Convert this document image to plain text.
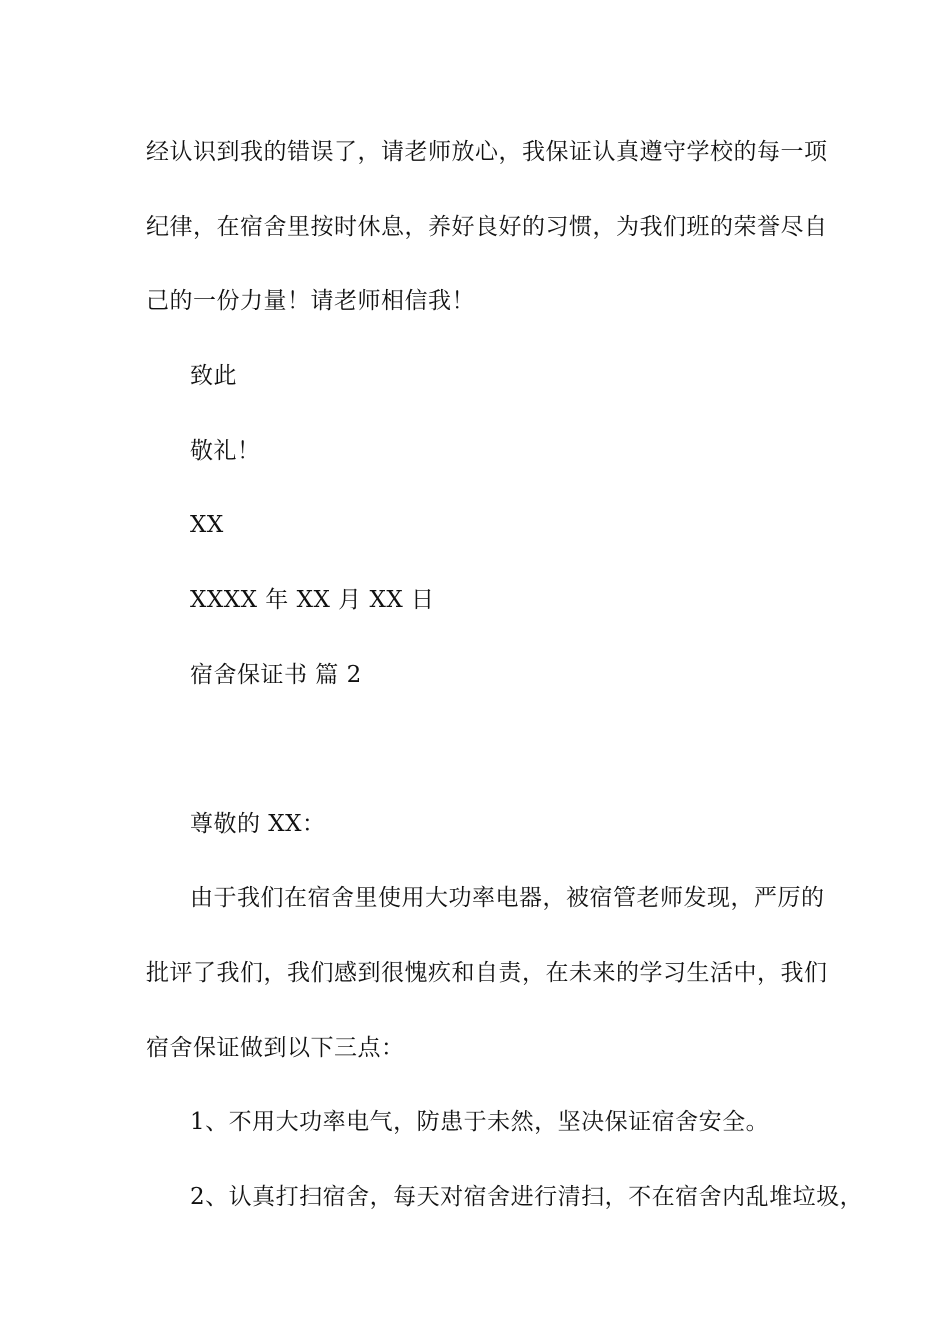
经认识到我的错误了，请老师放心，我保证认真遵守学校的每一项
纪律，在宿舍里按时休息，养好良好的习惯，为我们班的荣誉尽自
己的一份力量！请老师相信我！
致此
敬礼！
XX
XXXX 年 XX 月 XX 日
宿舍保证书 篇 2
尊敬的 XX：
由于我们在宿舍里使用大功率电器，被宿管老师发现，严厉的
批评了我们，我们感到很愧疚和自责，在未来的学习生活中，我们
宿舍保证做到以下三点：
1、不用大功率电气，防患于未然，坚决保证宿舍安全。
2、认真打扫宿舍，每天对宿舍进行清扫，不在宿舍内乱堆垃圾，
